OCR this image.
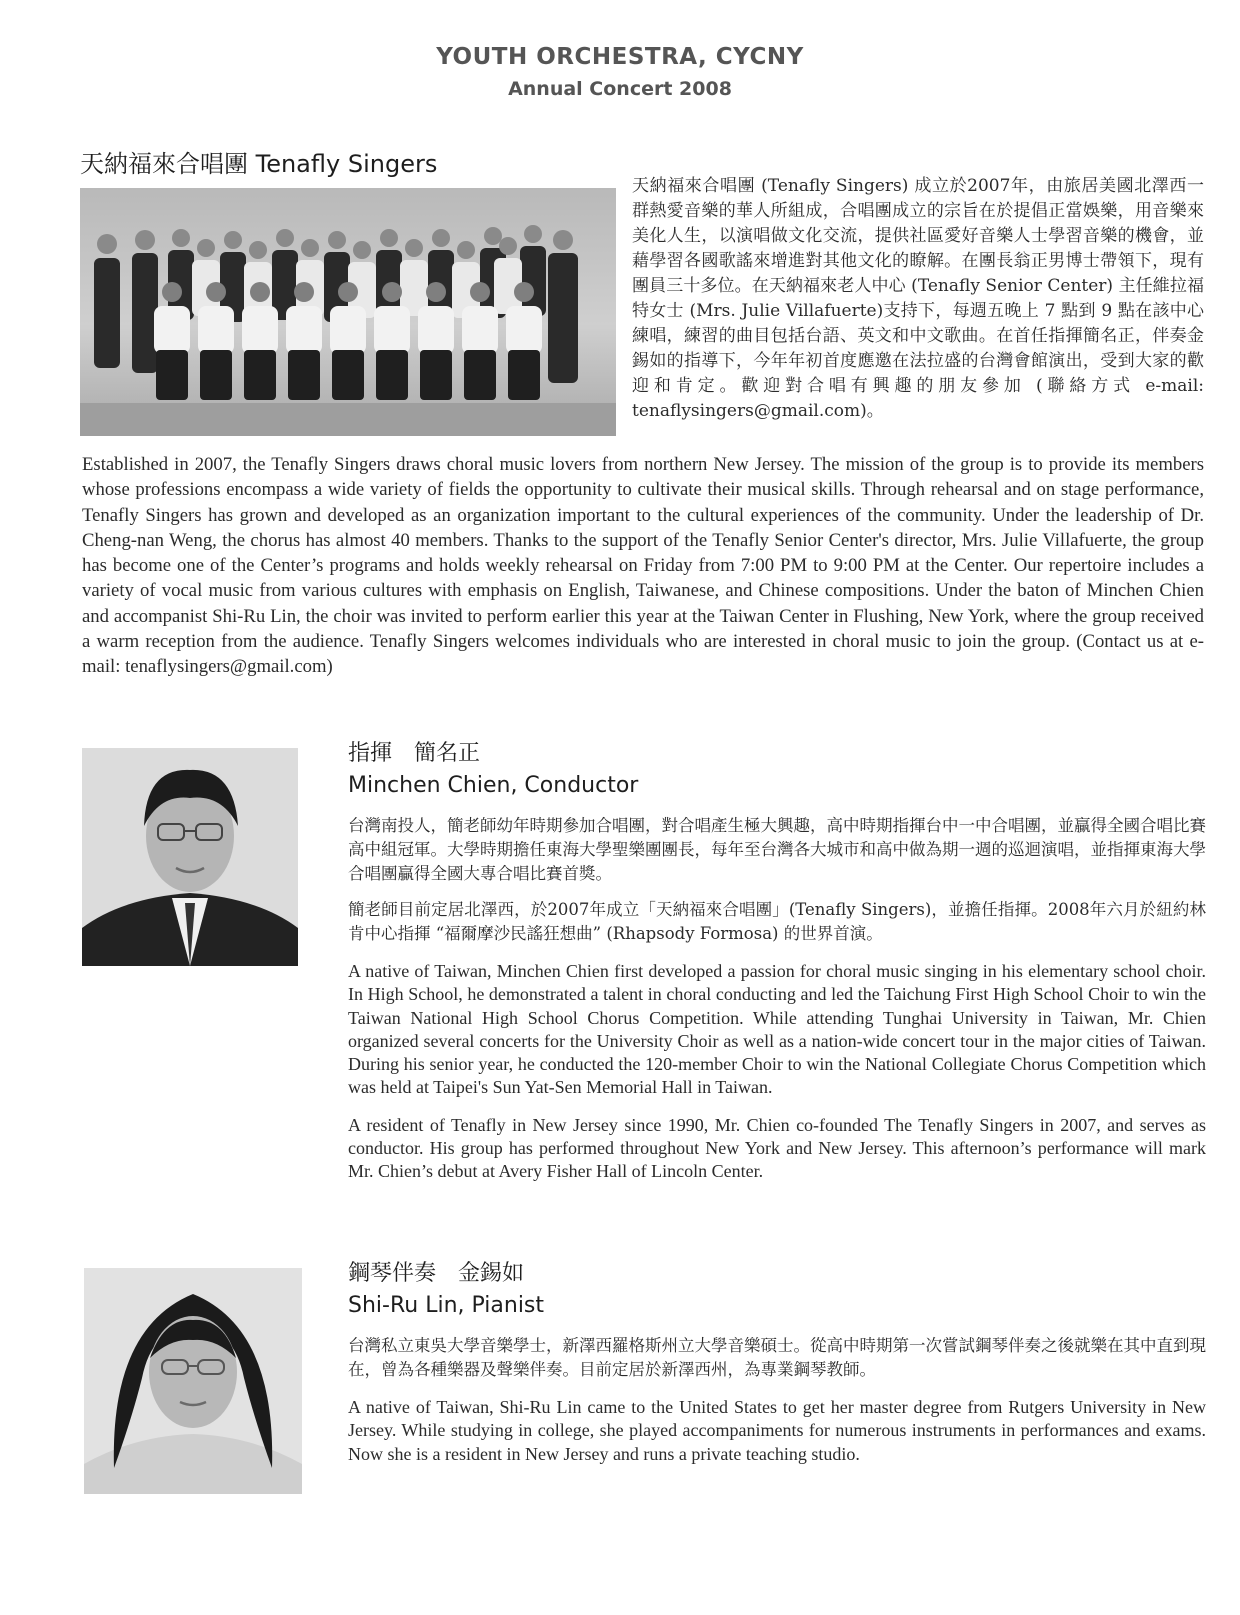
YOUTH ORCHESTRA, CYCNY
Annual Concert 2008
天納福來合唱團 Tenafly Singers
天納福來合唱團 (Tenafly Singers) 成立於2007年，由旅居美國北澤西一群熱愛音樂的華人所組成，合唱團成立的宗旨在於提倡正當娛樂，用音樂來美化人生，以演唱做文化交流，提供社區愛好音樂人士學習音樂的機會，並藉學習各國歌謠來增進對其他文化的瞭解。在團長翁正男博士帶領下，現有團員三十多位。在天納福來老人中心 (Tenafly Senior Center) 主任維拉福特女士 (Mrs. Julie Villafuerte)支持下，每週五晚上 7 點到 9 點在該中心練唱，練習的曲目包括台語、英文和中文歌曲。在首任指揮簡名正，伴奏金錫如的指導下，今年年初首度應邀在法拉盛的台灣會館演出，受到大家的歡迎和肯定。歡迎對合唱有興趣的朋友參加 (聯絡方式 e-mail: tenaflysingers@gmail.com)。
Established in 2007, the Tenafly Singers draws choral music lovers from northern New Jersey. The mission of the group is to provide its members whose professions encompass a wide variety of fields the opportunity to cultivate their musical skills. Through rehearsal and on stage performance, Tenafly Singers has grown and developed as an organization important to the cultural experiences of the community. Under the leadership of Dr. Cheng-nan Weng, the chorus has almost 40 members. Thanks to the support of the Tenafly Senior Center's director, Mrs. Julie Villafuerte, the group has become one of the Center’s programs and holds weekly rehearsal on Friday from 7:00 PM to 9:00 PM at the Center. Our repertoire includes a variety of vocal music from various cultures with emphasis on English, Taiwanese, and Chinese compositions. Under the baton of Minchen Chien and accompanist Shi-Ru Lin, the choir was invited to perform earlier this year at the Taiwan Center in Flushing, New York, where the group received a warm reception from the audience. Tenafly Singers welcomes individuals who are interested in choral music to join the group. (Contact us at e-mail: tenaflysingers@gmail.com)
指揮　簡名正
Minchen Chien, Conductor

台灣南投人，簡老師幼年時期參加合唱團，對合唱產生極大興趣，高中時期指揮台中一中合唱團，並贏得全國合唱比賽高中組冠軍。大學時期擔任東海大學聖樂團團長，每年至台灣各大城市和高中做為期一週的巡迴演唱，並指揮東海大學合唱團贏得全國大專合唱比賽首獎。

簡老師目前定居北澤西，於2007年成立「天納福來合唱團」(Tenafly Singers)，並擔任指揮。2008年六月於紐約林肯中心指揮 “福爾摩沙民謠狂想曲” (Rhapsody Formosa) 的世界首演。

A native of Taiwan, Minchen Chien first developed a passion for choral music singing in his elementary school choir. In High School, he demonstrated a talent in choral conducting and led the Taichung First High School Choir to win the Taiwan National High School Chorus Competition. While attending Tunghai University in Taiwan, Mr. Chien organized several concerts for the University Choir as well as a nation-wide concert tour in the major cities of Taiwan. During his senior year, he conducted the 120-member Choir to win the National Collegiate Chorus Competition which was held at Taipei's Sun Yat-Sen Memorial Hall in Taiwan.

A resident of Tenafly in New Jersey since 1990, Mr. Chien co-founded The Tenafly Singers in 2007, and serves as conductor. His group has performed throughout New York and New Jersey. This afternoon’s performance will mark Mr. Chien’s debut at Avery Fisher Hall of Lincoln Center.

鋼琴伴奏　金錫如
Shi-Ru Lin, Pianist

台灣私立東吳大學音樂學士，新澤西羅格斯州立大學音樂碩士。從高中時期第一次嘗試鋼琴伴奏之後就樂在其中直到現在，曾為各種樂器及聲樂伴奏。目前定居於新澤西州，為專業鋼琴教師。

A native of Taiwan, Shi-Ru Lin came to the United States to get her master degree from Rutgers University in New Jersey. While studying in college, she played accompaniments for numerous instruments in performances and exams. Now she is a resident in New Jersey and runs a private teaching studio.
